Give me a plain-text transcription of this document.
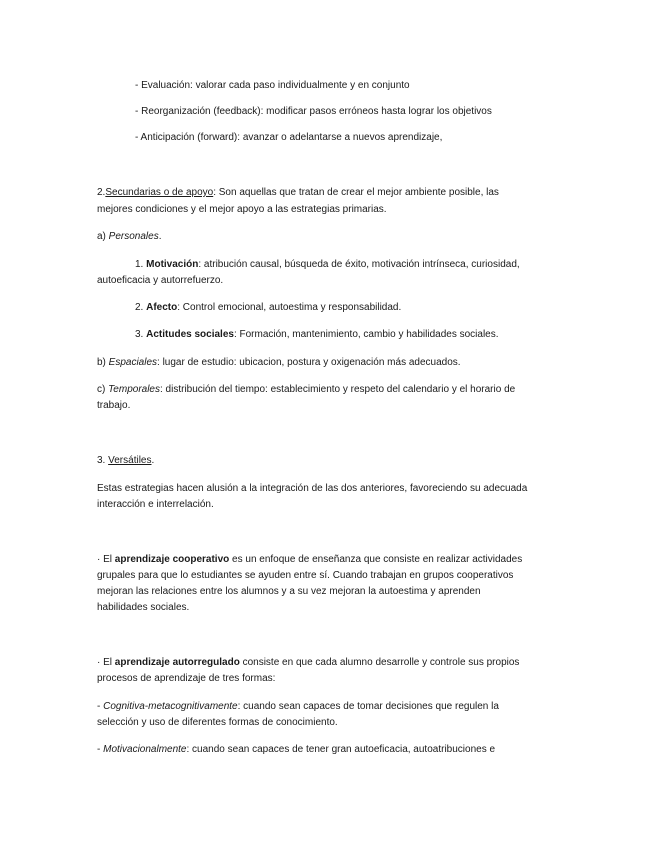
- Evaluación: valorar cada paso individualmente y en conjunto
- Reorganización (feedback): modificar pasos erróneos hasta lograr los objetivos
- Anticipación (forward): avanzar o adelantarse a nuevos aprendizaje,
2.Secundarias o de apoyo: Son aquellas que tratan de crear el mejor ambiente posible, las
mejores condiciones y el mejor apoyo a las estrategias primarias.
a) Personales.
1. Motivación: atribución causal, búsqueda de éxito, motivación intrínseca, curiosidad,
autoeficacia y autorrefuerzo.
2. Afecto: Control emocional, autoestima y responsabilidad.
3. Actitudes sociales: Formación, mantenimiento, cambio y habilidades sociales.
b) Espaciales: lugar de estudio: ubicacion, postura y oxigenación más adecuados.
c) Temporales: distribución del tiempo: establecimiento y respeto del calendario y el horario de
trabajo.
3. Versátiles.
Estas estrategias hacen alusión a la integración de las dos anteriores, favoreciendo su adecuada
interacción e interrelación.
· El aprendizaje cooperativo es un enfoque de enseñanza que consiste en realizar actividades
grupales para que lo estudiantes se ayuden entre sí. Cuando trabajan en grupos cooperativos
mejoran las relaciones entre los alumnos y a su vez mejoran la autoestima y aprenden
habilidades sociales.
· El aprendizaje autorregulado consiste en que cada alumno desarrolle y controle sus propios
procesos de aprendizaje de tres formas:
- Cognitiva-metacognitivamente: cuando sean capaces de tomar decisiones que regulen la
selección y uso de diferentes formas de conocimiento.
- Motivacionalmente: cuando sean capaces de tener gran autoeficacia, autoatribuciones e
